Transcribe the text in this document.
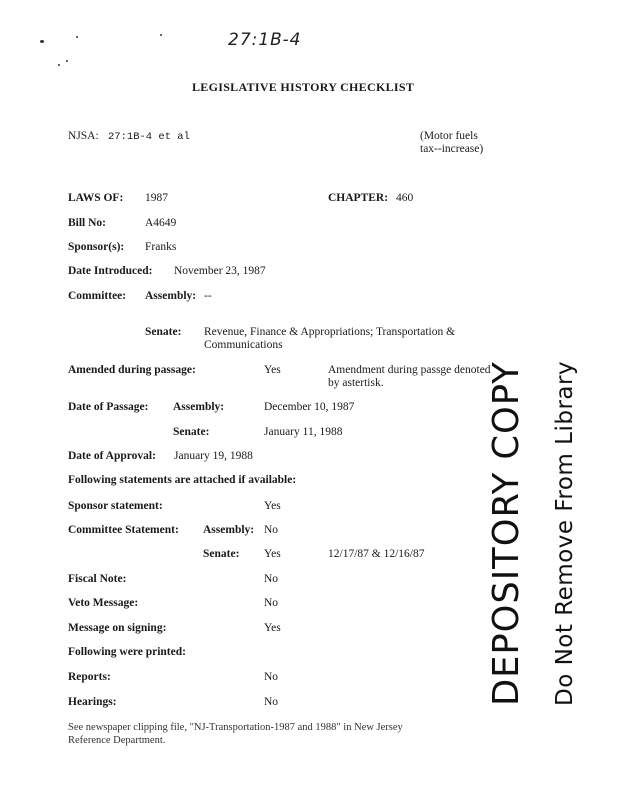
27:1B-4
LEGISLATIVE HISTORY CHECKLIST
NJSA: 27:1B-4 et al	(Motor fuels
tax--increase)
LAWS OF: 1987	CHAPTER: 460
Bill No:	A4649
Sponsor(s): Franks
Date Introduced: November 23, 1987
Committee: Assembly: --
Senate: Revenue, Finance & Appropriations; Transportation &
Communications
Amended during passage:	Yes	Amendment during passge denoted
by astertisk.
Date of Passage: Assembly:	December 10, 1987
Senate:	January 11, 1988
Date of Approval: January 19, 1988
Following statements are attached if available:
Sponsor statement:	Yes
Committee Statement: Assembly: No
Senate: Yes	12/17/87 & 12/16/87
Fiscal Note:	No
Veto Message:	No
Message on signing:	Yes
Following were printed:
Reports:	No
Hearings:	No
See newspaper clipping file, "NJ-Transportation-1987 and 1988" in New Jersey
Reference Department.
DEPOSITORY COPY Do Not Remove From Library
